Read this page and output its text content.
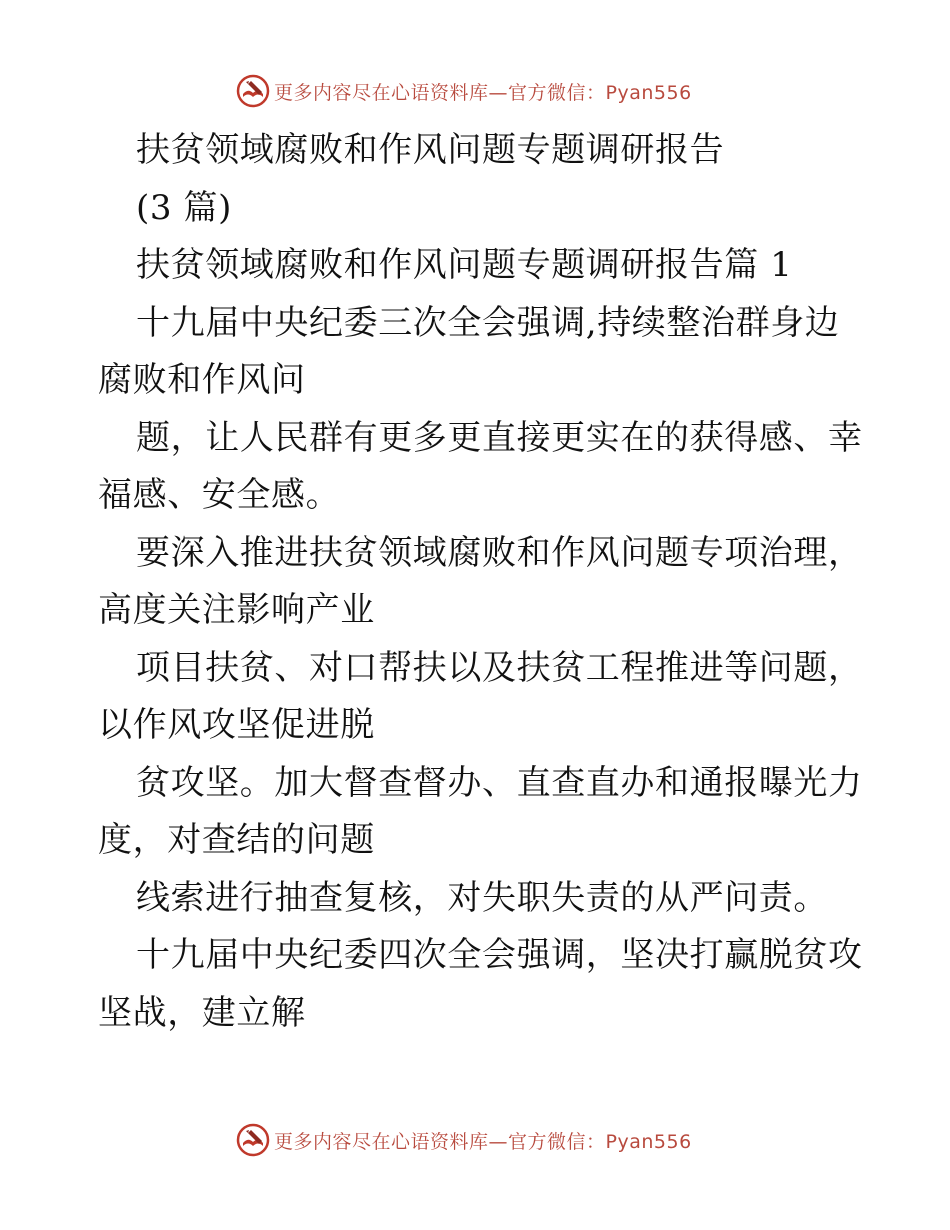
更多内容尽在心语资料库—官方微信：Pyan556
扶贫领域腐败和作风问题专题调研报告
(3 篇)
扶贫领域腐败和作风问题专题调研报告篇 1
十九届中央纪委三次全会强调,持续整治群身边
腐败和作风问
题，让人民群有更多更直接更实在的获得感、幸
福感、安全感。
要深入推进扶贫领域腐败和作风问题专项治理，
高度关注影响产业
项目扶贫、对口帮扶以及扶贫工程推进等问题，
以作风攻坚促进脱
贫攻坚。加大督查督办、直查直办和通报曝光力
度，对查结的问题
线索进行抽查复核，对失职失责的从严问责。
十九届中央纪委四次全会强调，坚决打赢脱贫攻
坚战，建立解
更多内容尽在心语资料库—官方微信：Pyan556
